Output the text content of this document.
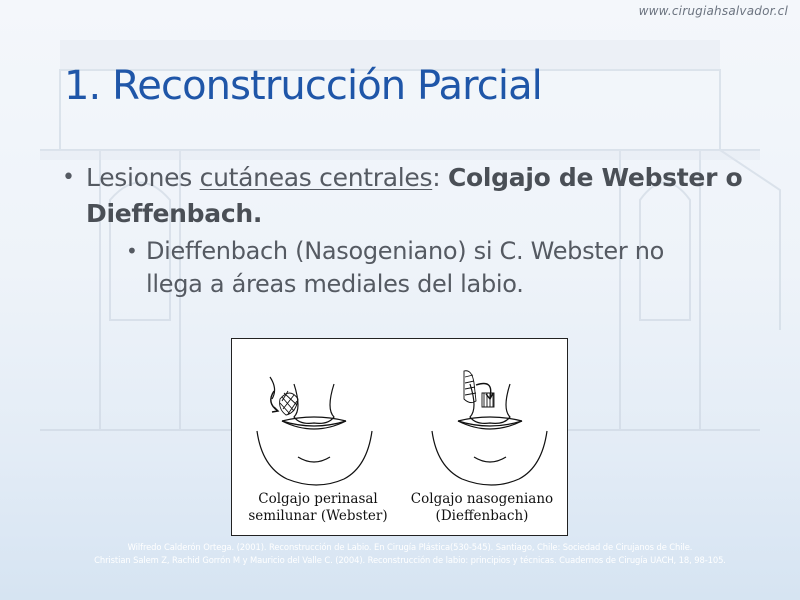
www.cirugiahsalvador.cl
1. Reconstrucción Parcial
• Lesiones cutáneas centrales: Colgajo de Webster o Dieffenbach.
• Dieffenbach (Nasogeniano) si C. Webster no llega a áreas mediales del labio.
Colgajo perinasal
semilunar (Webster)
Colgajo nasogeniano
(Dieffenbach)
Wilfredo Calderón Ortega. (2001). Reconstrucción de Labio. En Cirugía Plástica(530-545). Santiago, Chile: Sociedad de Cirujanos de Chile.
Christian Salem Z, Rachid Gorrón M y Mauricio del Valle C. (2004). Reconstrucción de labio: principios y técnicas. Cuadernos de Cirugía UACH, 18, 98-105.
